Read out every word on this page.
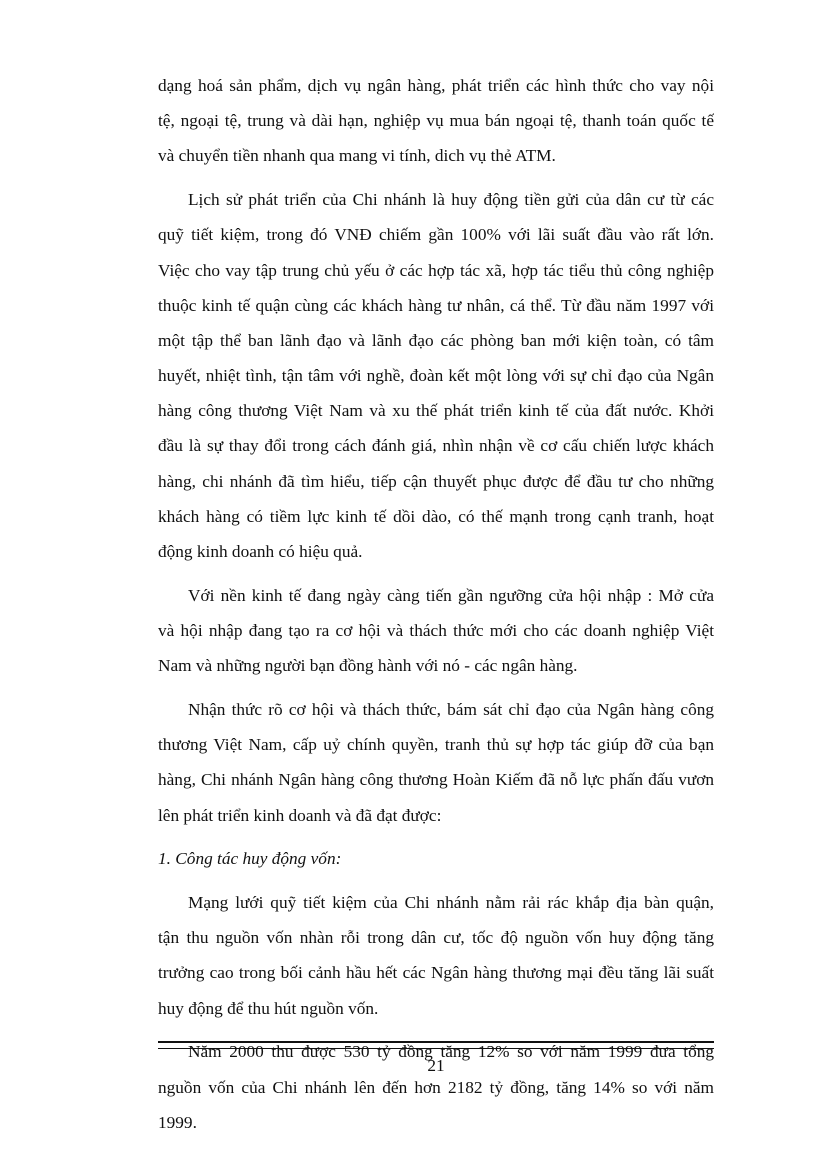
dạng hoá sản phẩm, dịch vụ ngân hàng, phát triển các hình thức cho vay nội
tệ, ngoại tệ, trung và dài hạn, nghiệp vụ mua bán ngoại tệ, thanh toán quốc tế
và chuyển tiền nhanh qua mang vi tính, dich vụ thẻ ATM.
Lịch sử phát triển của Chi nhánh là huy động tiền gửi của dân cư từ các
quỹ tiết kiệm, trong đó VNĐ chiếm gần 100% với lãi suất đầu vào rất lớn.
Việc cho vay tập trung chủ yếu ở các hợp tác xã, hợp tác tiểu thủ công nghiệp
thuộc kinh tế quận cùng các khách hàng tư nhân, cá thể. Từ đầu năm 1997 với
một tập thể ban lãnh đạo và lãnh đạo các phòng ban mới kiện toàn, có tâm
huyết, nhiệt tình, tận tâm với nghề, đoàn kết một lòng với sự chỉ đạo của Ngân
hàng công thương Việt Nam và xu thế phát triển kinh tế của đất nước. Khởi
đầu là sự thay đổi trong cách đánh giá, nhìn nhận về cơ cấu chiến lược khách
hàng, chi nhánh đã tìm hiểu, tiếp cận thuyết phục được để đầu tư cho những
khách hàng có tiềm lực kinh tế dồi dào, có thế mạnh trong cạnh tranh, hoạt
động kinh doanh có hiệu quả.
Với nền kinh tế đang ngày càng tiến gần ngưỡng cửa hội nhập : Mở cửa
và hội nhập đang tạo ra cơ hội và thách thức mới cho các doanh nghiệp Việt
Nam và những người bạn đồng hành với nó - các ngân hàng.
Nhận thức rõ cơ hội và thách thức, bám sát chỉ đạo của Ngân hàng công
thương Việt Nam, cấp uỷ chính quyền, tranh thủ sự hợp tác giúp đỡ của bạn
hàng, Chi nhánh Ngân hàng công thương Hoàn Kiếm đã nỗ lực phấn đấu vươn
lên phát triển kinh doanh và đã đạt được:
1. Công tác huy động vốn:
Mạng lưới quỹ tiết kiệm của Chi nhánh nằm rải rác khắp địa bàn quận,
tận thu nguồn vốn nhàn rỗi trong dân cư, tốc độ nguồn vốn huy động tăng
trưởng cao trong bối cảnh hầu hết các Ngân hàng thương mại đều tăng lãi suất
huy động để thu hút nguồn vốn.
Năm 2000 thu được 530 tỷ đồng tăng 12% so với năm 1999 đưa tổng
nguồn vốn của Chi nhánh lên đến hơn 2182 tỷ đồng, tăng 14% so với năm
1999.
21
